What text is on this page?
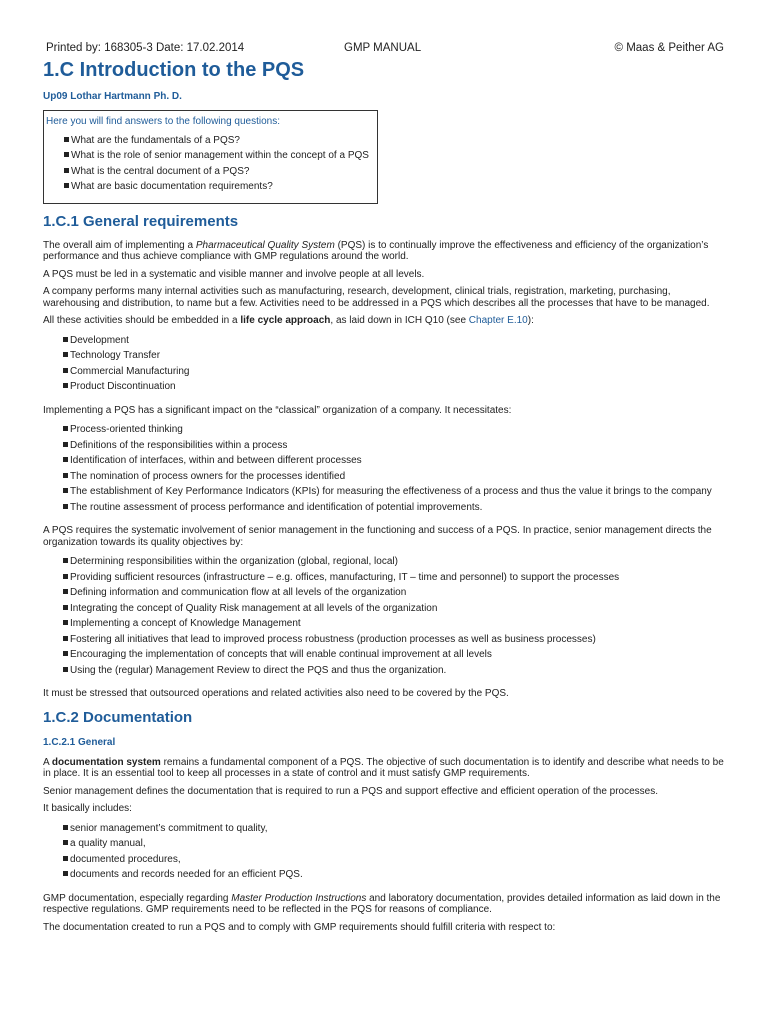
Printed by: 168305-3 Date: 17.02.2014	GMP MANUAL	© Maas & Peither AG
1.C Introduction to the PQS
Up09 Lothar Hartmann Ph. D.
Here you will find answers to the following questions:
What are the fundamentals of a PQS?
What is the role of senior management within the concept of a PQS
What is the central document of a PQS?
What are basic documentation requirements?
1.C.1 General requirements

The overall aim of implementing a Pharmaceutical Quality System (PQS) is to continually improve the effectiveness and efficiency of the organization’s performance and thus achieve compliance with GMP regulations around the world.

A PQS must be led in a systematic and visible manner and involve people at all levels.

A company performs many internal activities such as manufacturing, research, development, clinical trials, registration, marketing, purchasing, warehousing and distribution, to name but a few. Activities need to be addressed in a PQS which describes all the processes that have to be managed.

All these activities should be embedded in a life cycle approach, as laid down in ICH Q10 (see Chapter E.10):

Development
Technology Transfer
Commercial Manufacturing
Product Discontinuation

Implementing a PQS has a significant impact on the “classical” organization of a company. It necessitates:

Process-oriented thinking
Definitions of the responsibilities within a process
Identification of interfaces, within and between different processes
The nomination of process owners for the processes identified
The establishment of Key Performance Indicators (KPIs) for measuring the effectiveness of a process and thus the value it brings to the company
The routine assessment of process performance and identification of potential improvements.

A PQS requires the systematic involvement of senior management in the functioning and success of a PQS. In practice, senior management directs the organization towards its quality objectives by:

Determining responsibilities within the organization (global, regional, local)
Providing sufficient resources (infrastructure – e.g. offices, manufacturing, IT – time and personnel) to support the processes
Defining information and communication flow at all levels of the organization
Integrating the concept of Quality Risk management at all levels of the organization
Implementing a concept of Knowledge Management
Fostering all initiatives that lead to improved process robustness (production processes as well as business processes)
Encouraging the implementation of concepts that will enable continual improvement at all levels
Using the (regular) Management Review to direct the PQS and thus the organization.

It must be stressed that outsourced operations and related activities also need to be covered by the PQS.

1.C.2 Documentation
1.C.2.1 General

A documentation system remains a fundamental component of a PQS. The objective of such documentation is to identify and describe what needs to be in place. It is an essential tool to keep all processes in a state of control and it must satisfy GMP requirements.

Senior management defines the documentation that is required to run a PQS and support effective and efficient operation of the processes.

It basically includes:

senior management’s commitment to quality,
a quality manual,
documented procedures,
documents and records needed for an efficient PQS.

GMP documentation, especially regarding Master Production Instructions and laboratory documentation, provides detailed information as laid down in the respective regulations. GMP requirements need to be reflected in the PQS for reasons of compliance.

The documentation created to run a PQS and to comply with GMP requirements should fulfill criteria with respect to:
